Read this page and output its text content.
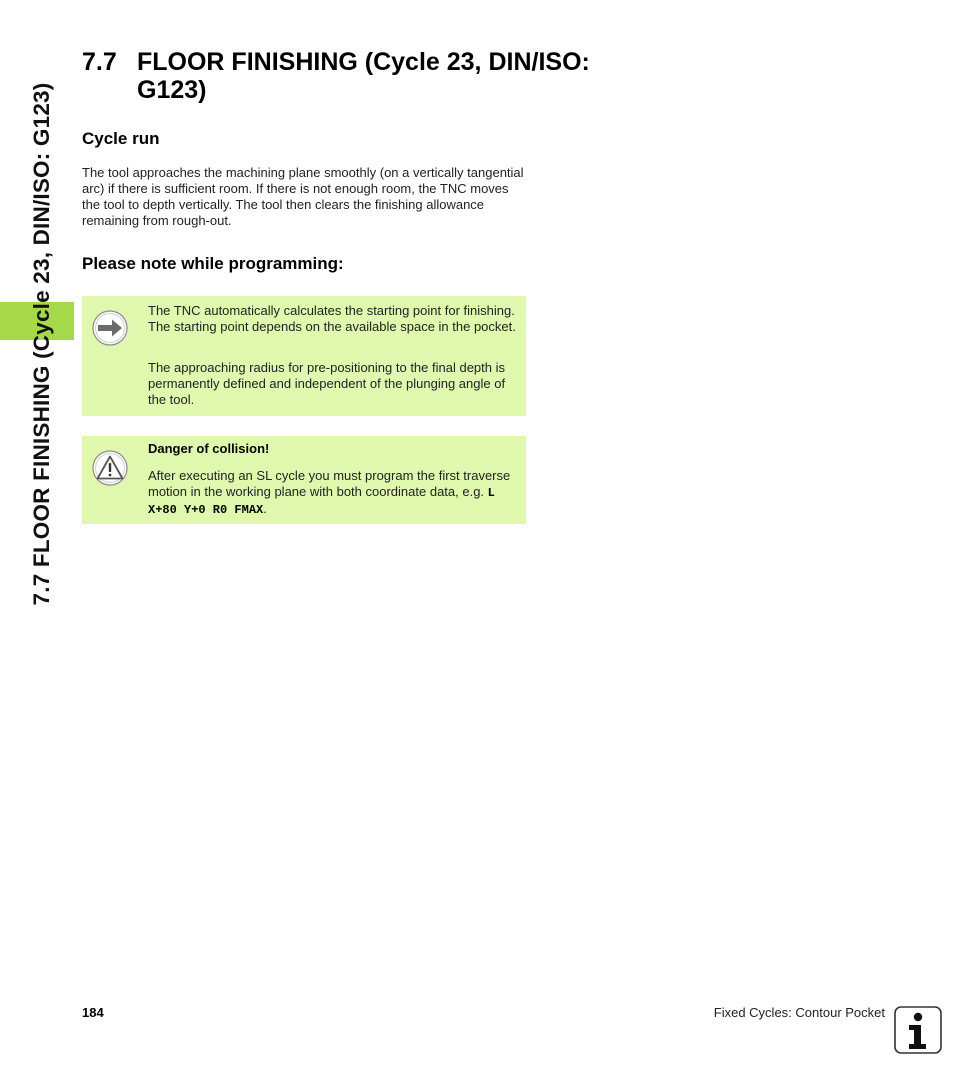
7.7 FLOOR FINISHING (Cycle 23, DIN/ISO: G123)
7.7 FLOOR FINISHING (Cycle 23, DIN/ISO: G123)
Cycle run

The tool approaches the machining plane smoothly (on a vertically tangential arc) if there is sufficient room. If there is not enough room, the TNC moves the tool to depth vertically. The tool then clears the finishing allowance remaining from rough-out.

Please note while programming:

The TNC automatically calculates the starting point for finishing. The starting point depends on the available space in the pocket.

The approaching radius for pre-positioning to the final depth is permanently defined and independent of the plunging angle of the tool.

Danger of collision!

After executing an SL cycle you must program the first traverse motion in the working plane with both coordinate data, e.g. L X+80 Y+0 R0 FMAX.

184	Fixed Cycles: Contour Pocket
